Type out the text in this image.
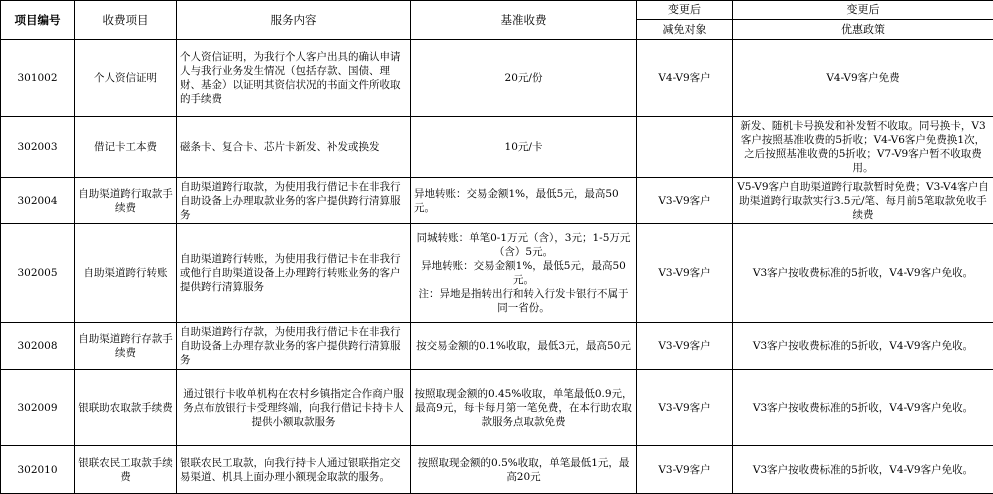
项目编号	收费项目	服务内容	基准收费	变更后	变更后
				减免对象	优惠政策
301002	个人资信证明	个人资信证明，为我行个人客户出具的确认申请人与我行业务发生情况（包括存款、国债、理财、基金）以证明其资信状况的书面文件所收取的手续费	20元/份	V4-V9客户	V4-V9客户免费
302003	借记卡工本费	磁条卡、复合卡、芯片卡新发、补发或换发	10元/卡		新发、随机卡号换发和补发暂不收取。同号换卡，V3客户按照基准收费的5折收；V4-V6客户免费换1次，之后按照基准收费的5折收；V7-V9客户暂不收取费用。
302004	自助渠道跨行取款手续费	自助渠道跨行取款，为使用我行借记卡在非我行自助设备上办理取款业务的客户提供跨行清算服务	异地转账：交易金额1%，最低5元，最高50元。	V3-V9客户	V5-V9客户自助渠道跨行取款暂时免费；V3-V4客户自助渠道跨行取款实行3.5元/笔、每月前5笔取款免收手续费
302005	自助渠道跨行转账	自助渠道跨行转账，为使用我行借记卡在非我行或他行自助渠道设备上办理跨行转账业务的客户提供跨行清算服务	同城转账：单笔0-1万元（含），3元；1-5万元（含）5元。
异地转账：交易金额1%，最低5元，最高50元。
注：异地是指转出行和转入行发卡银行不属于同一省份。	V3-V9客户	V3客户按收费标准的5折收，V4-V9客户免收。
302008	自助渠道跨行存款手续费	自助渠道跨行存款，为使用我行借记卡在非我行自助设备上办理存款业务的客户提供跨行清算服务	按交易金额的0.1%收取，最低3元，最高50元	V3-V9客户	V3客户按收费标准的5折收，V4-V9客户免收。
302009	银联助农取款手续费	通过银行卡收单机构在农村乡镇指定合作商户服务点布放银行卡受理终端，向我行借记卡持卡人提供小额取款服务	按照取现金额的0.45%收取，单笔最低0.9元，最高9元，每卡每月第一笔免费，在本行助农取款服务点取款免费	V3-V9客户	V3客户按收费标准的5折收，V4-V9客户免收。
302010	银联农民工取款手续费	银联农民工取款，向我行持卡人通过银联指定交易渠道、机具上面办理小额现金取款的服务。	按照取现金额的0.5%收取，单笔最低1元，最高20元	V3-V9客户	V3客户按收费标准的5折收，V4-V9客户免收。
